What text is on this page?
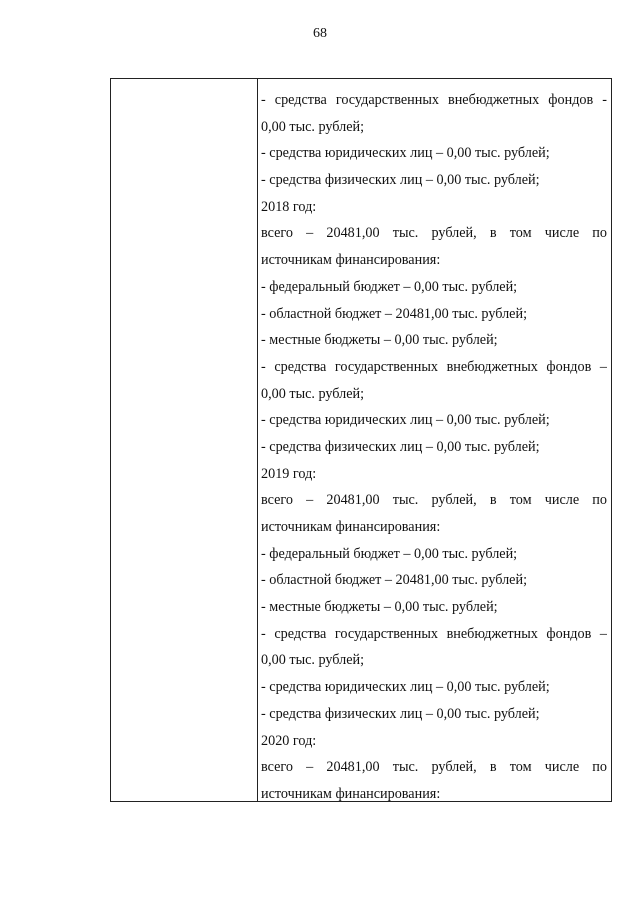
68
- средства государственных внебюджетных фондов -
0,00 тыс. рублей;
- средства юридических лиц – 0,00 тыс. рублей;
- средства физических лиц – 0,00 тыс. рублей;
2018 год:
всего – 20481,00 тыс. рублей, в том числе по
источникам финансирования:
- федеральный бюджет – 0,00 тыс. рублей;
- областной бюджет – 20481,00 тыс. рублей;
- местные бюджеты – 0,00 тыс. рублей;
- средства государственных внебюджетных фондов –
0,00 тыс. рублей;
- средства юридических лиц – 0,00 тыс. рублей;
- средства физических лиц – 0,00 тыс. рублей;
2019 год:
всего – 20481,00 тыс. рублей, в том числе по
источникам финансирования:
- федеральный бюджет – 0,00 тыс. рублей;
- областной бюджет – 20481,00 тыс. рублей;
- местные бюджеты – 0,00 тыс. рублей;
- средства государственных внебюджетных фондов –
0,00 тыс. рублей;
- средства юридических лиц – 0,00 тыс. рублей;
- средства физических лиц – 0,00 тыс. рублей;
2020 год:
всего – 20481,00 тыс. рублей, в том числе по
источникам финансирования:
